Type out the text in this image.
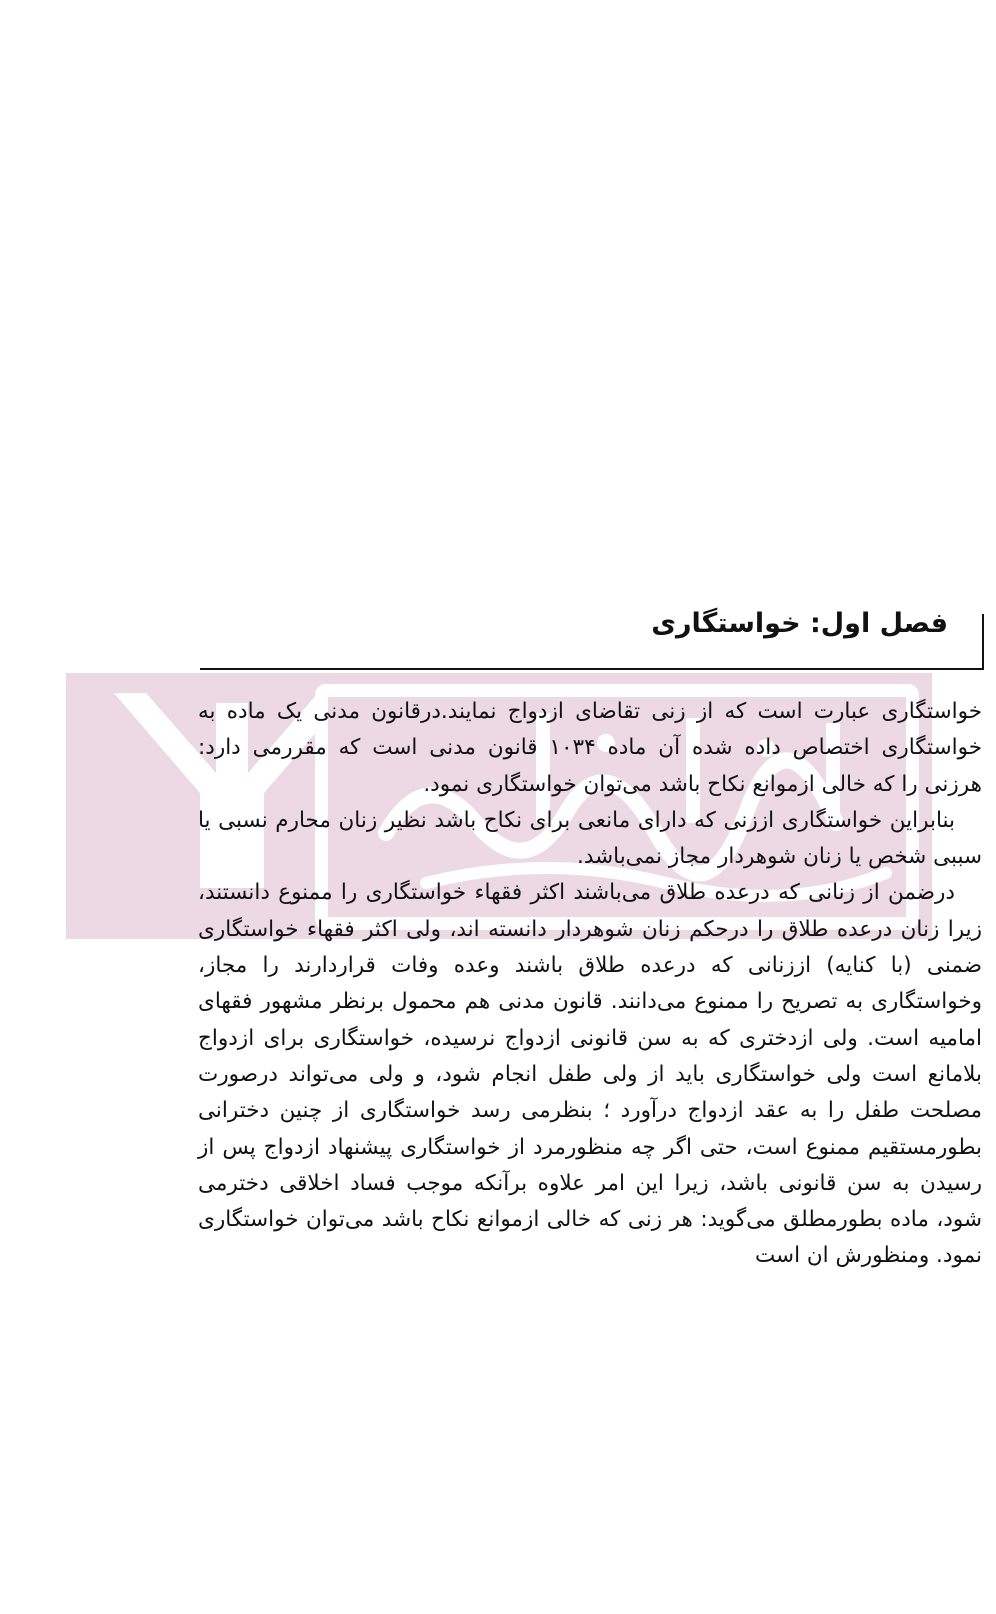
فصل اول: خواستگاری

خواستگاری عبارت است که از زنی تقاضای ازدواج نمایند.درقانون مدنی یک ماده به خواستگاری اختصاص داده شده آن ماده ۱۰۳۴ قانون مدنی است که مقررمی دارد: هرزنی را که خالی ازموانع نکاح باشد می‌توان خواستگاری نمود.

بنابراین خواستگاری اززنی که دارای مانعی برای نکاح باشد نظیر زنان محارم نسبی یا سببی شخص یا زنان شوهردار مجاز نمی‌باشد.

درضمن از زنانی که درعده طلاق می‌باشند اکثر فقهاء خواستگاری را ممنوع دانستند، زیرا زنان درعده طلاق را درحکم زنان شوهردار دانسته اند، ولی اکثر فقهاء خواستگاری ضمنی (با کنایه) اززنانی که درعده طلاق باشند وعده وفات قراردارند را مجاز، وخواستگاری به تصریح را ممنوع می‌دانند. قانون مدنی هم محمول برنظر مشهور فقهای امامیه است. ولی ازدختری که به سن قانونی ازدواج نرسیده، خواستگاری برای ازدواج بلامانع است ولی خواستگاری باید از ولی طفل انجام شود، و ولی می‌تواند درصورت مصلحت طفل را به عقد ازدواج درآورد ؛ بنظرمی رسد خواستگاری از چنین دخترانی بطورمستقیم ممنوع است، حتی اگر چه منظورمرد از خواستگاری پیشنهاد ازدواج پس از رسیدن به سن قانونی باشد، زیرا این امر علاوه برآنکه موجب فساد اخلاقی دخترمی شود، ماده بطورمطلق می‌گوید: هر زنی که خالی ازموانع نکاح باشد می‌توان خواستگاری نمود. ومنظورش ان است
